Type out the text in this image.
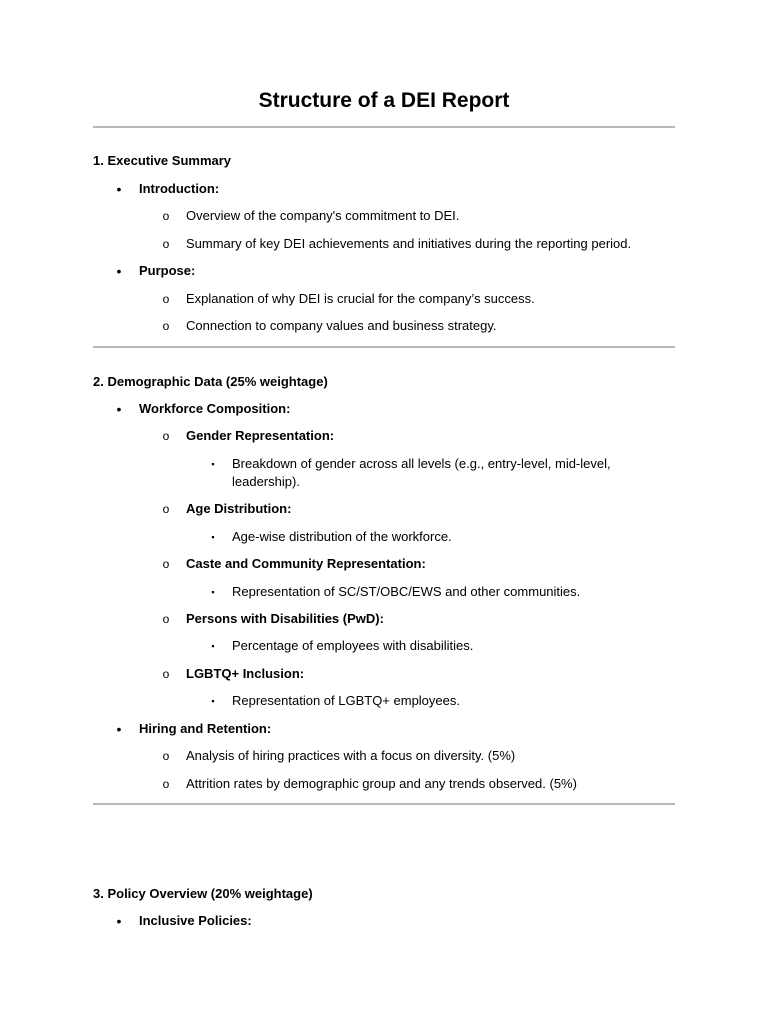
Structure of a DEI Report
1. Executive Summary
•	Introduction:
o Overview of the company's commitment to DEI.
o Summary of key DEI achievements and initiatives during the reporting period.
•	Purpose:
o Explanation of why DEI is crucial for the company’s success.
o Connection to company values and business strategy.
2. Demographic Data (25% weightage)
•	Workforce Composition:
o Gender Representation:
▪	Breakdown of gender across all levels (e.g., entry-level, mid-level, leadership).
o Age Distribution:
▪	Age-wise distribution of the workforce.
o Caste and Community Representation:
▪	Representation of SC/ST/OBC/EWS and other communities.
o Persons with Disabilities (PwD):
▪	Percentage of employees with disabilities.
o LGBTQ+ Inclusion:
▪	Representation of LGBTQ+ employees.
•	Hiring and Retention:
o Analysis of hiring practices with a focus on diversity. (5%)
o Attrition rates by demographic group and any trends observed. (5%)
3. Policy Overview (20% weightage)
•	Inclusive Policies:
